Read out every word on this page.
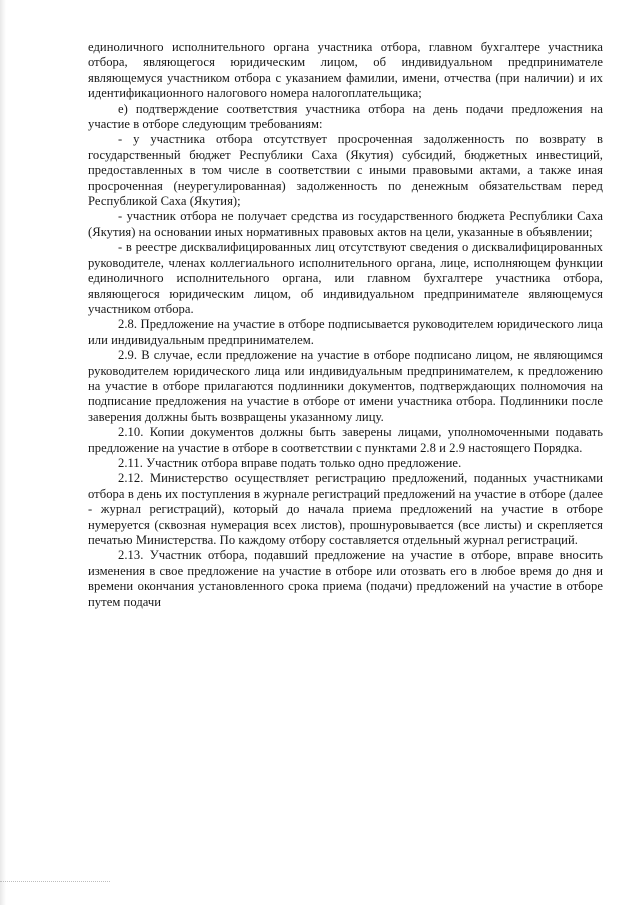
единоличного исполнительного органа участника отбора, главном бухгалтере участника отбора, являющегося юридическим лицом, об индивидуальном предпринимателе являющемуся участником отбора с указанием фамилии, имени, отчества (при наличии) и их идентификационного налогового номера налогоплательщика;

е) подтверждение соответствия участника отбора на день подачи предложения на участие в отборе следующим требованиям:

- у участника отбора отсутствует просроченная задолженность по возврату в государственный бюджет Республики Саха (Якутия) субсидий, бюджетных инвестиций, предоставленных в том числе в соответствии с иными правовыми актами, а также иная просроченная (неурегулированная) задолженность по денежным обязательствам перед Республикой Саха (Якутия);

- участник отбора не получает средства из государственного бюджета Республики Саха (Якутия) на основании иных нормативных правовых актов на цели, указанные в объявлении;

- в реестре дисквалифицированных лиц отсутствуют сведения о дисквалифицированных руководителе, членах коллегиального исполнительного органа, лице, исполняющем функции единоличного исполнительного органа, или главном бухгалтере участника отбора, являющегося юридическим лицом, об индивидуальном предпринимателе являющемуся участником отбора.

2.8. Предложение на участие в отборе подписывается руководителем юридического лица или индивидуальным предпринимателем.

2.9. В случае, если предложение на участие в отборе подписано лицом, не являющимся руководителем юридического лица или индивидуальным предпринимателем, к предложению на участие в отборе прилагаются подлинники документов, подтверждающих полномочия на подписание предложения на участие в отборе от имени участника отбора. Подлинники после заверения должны быть возвращены указанному лицу.

2.10. Копии документов должны быть заверены лицами, уполномоченными подавать предложение на участие в отборе в соответствии с пунктами 2.8 и 2.9 настоящего Порядка.

2.11. Участник отбора вправе подать только одно предложение.

2.12. Министерство осуществляет регистрацию предложений, поданных участниками отбора в день их поступления в журнале регистраций предложений на участие в отборе (далее - журнал регистраций), который до начала приема предложений на участие в отборе нумеруется (сквозная нумерация всех листов), прошнуровывается (все листы) и скрепляется печатью Министерства. По каждому отбору составляется отдельный журнал регистраций.

2.13. Участник отбора, подавший предложение на участие в отборе, вправе вносить изменения в свое предложение на участие в отборе или отозвать его в любое время до дня и времени окончания установленного срока приема (подачи) предложений на участие в отборе путем подачи
